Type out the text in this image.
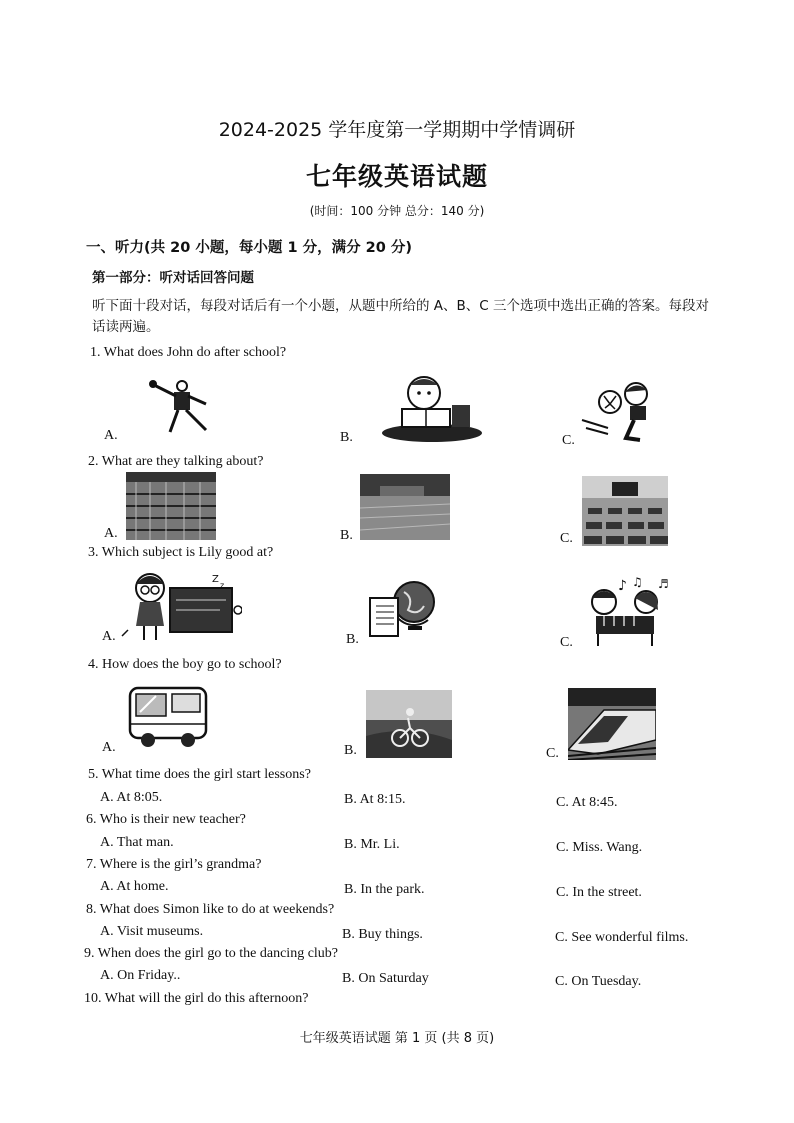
2024-2025 学年度第一学期期中学情调研
七年级英语试题
(时间：100 分钟 总分：140 分)
一、听力(共 20 小题，每小题 1 分，满分 20 分)
第一部分：听对话回答问题
听下面十段对话，每段对话后有一个小题，从题中所给的 A、B、C 三个选项中选出正确的答案。每段对话读两遍。
1. What does John do after school?
A.	B.	C.
2. What are they talking about?
A.	B.	C.
3. Which subject is Lily good at?
A.	B.	C.
Z
z	♪ ♫ ♬
4. How does the boy go to school?
A.	B.	C.
5. What time does the girl start lessons?
A. At 8:05.	B. At 8:15.	C. At 8:45.
6. Who is their new teacher?
A. That man.	B. Mr. Li.	C. Miss. Wang.
7. Where is the girl’s grandma?
A. At home.	B. In the park.	C. In the street.
8. What does Simon like to do at weekends?
A. Visit museums.	B. Buy things.	C. See wonderful films.
9. When does the girl go to the dancing club?
A. On Friday..	B. On Saturday	C. On Tuesday.
10. What will the girl do this afternoon?
七年级英语试题 第 1 页 (共 8 页)
